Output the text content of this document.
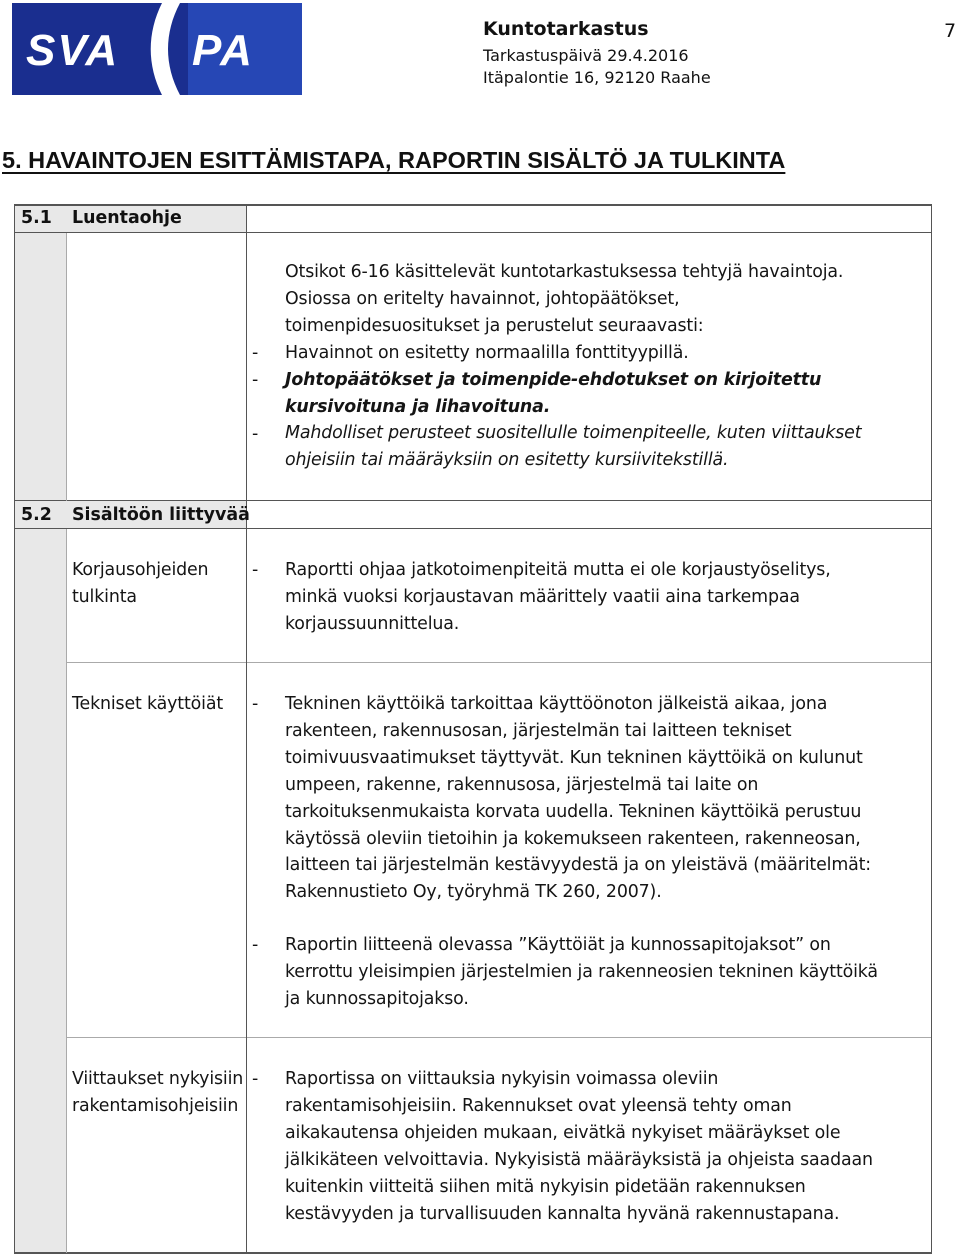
SVA PA	Kuntotarkastus
Tarkastuspäivä 29.4.2016
Itäpalontie 16, 92120 Raahe
7
5. HAVAINTOJEN ESITTÄMISTAPA, RAPORTIN SISÄLTÖ JA TULKINTA
5.1 Luentaohje
Otsikot 6-16 käsittelevät kuntotarkastuksessa tehtyjä havaintoja.
Osiossa on eritelty havainnot, johtopäätökset,
toimenpidesuositukset ja perustelut seuraavasti:
Havainnot on esitetty normaalilla fonttityypillä.
Johtopäätökset ja toimenpide-ehdotukset on kirjoitettu
kursivoituna ja lihavoituna.
Mahdolliset perusteet suositellulle toimenpiteelle, kuten viittaukset
ohjeisiin tai määräyksiin on esitetty kursiivitekstillä.
-
-
-
5.2 Sisältöön liittyvää
Korjausohjeiden
tulkinta
- Raportti ohjaa jatkotoimenpiteitä mutta ei ole korjaustyöselitys,
minkä vuoksi korjaustavan määrittely vaatii aina tarkempaa
korjaussuunnittelua.
Tekniset käyttöiät - Tekninen käyttöikä tarkoittaa käyttöönoton jälkeistä aikaa, jona
rakenteen, rakennusosan, järjestelmän tai laitteen tekniset
toimivuusvaatimukset täyttyvät. Kun tekninen käyttöikä on kulunut
umpeen, rakenne, rakennusosa, järjestelmä tai laite on
tarkoituksenmukaista korvata uudella. Tekninen käyttöikä perustuu
käytössä oleviin tietoihin ja kokemukseen rakenteen, rakenneosan,
laitteen tai järjestelmän kestävyydestä ja on yleistävä (määritelmät:
Rakennustieto Oy, työryhmä TK 260, 2007).
- Raportin liitteenä olevassa ”Käyttöiät ja kunnossapitojaksot” on
kerrottu yleisimpien järjestelmien ja rakenneosien tekninen käyttöikä
ja kunnossapitojakso.
Viittaukset nykyisiin
rakentamisohjeisiin
- Raportissa on viittauksia nykyisin voimassa oleviin
rakentamisohjeisiin. Rakennukset ovat yleensä tehty oman
aikakautensa ohjeiden mukaan, eivätkä nykyiset määräykset ole
jälkikäteen velvoittavia. Nykyisistä määräyksistä ja ohjeista saadaan
kuitenkin viitteitä siihen mitä nykyisin pidetään rakennuksen
kestävyyden ja turvallisuuden kannalta hyvänä rakennustapana.
